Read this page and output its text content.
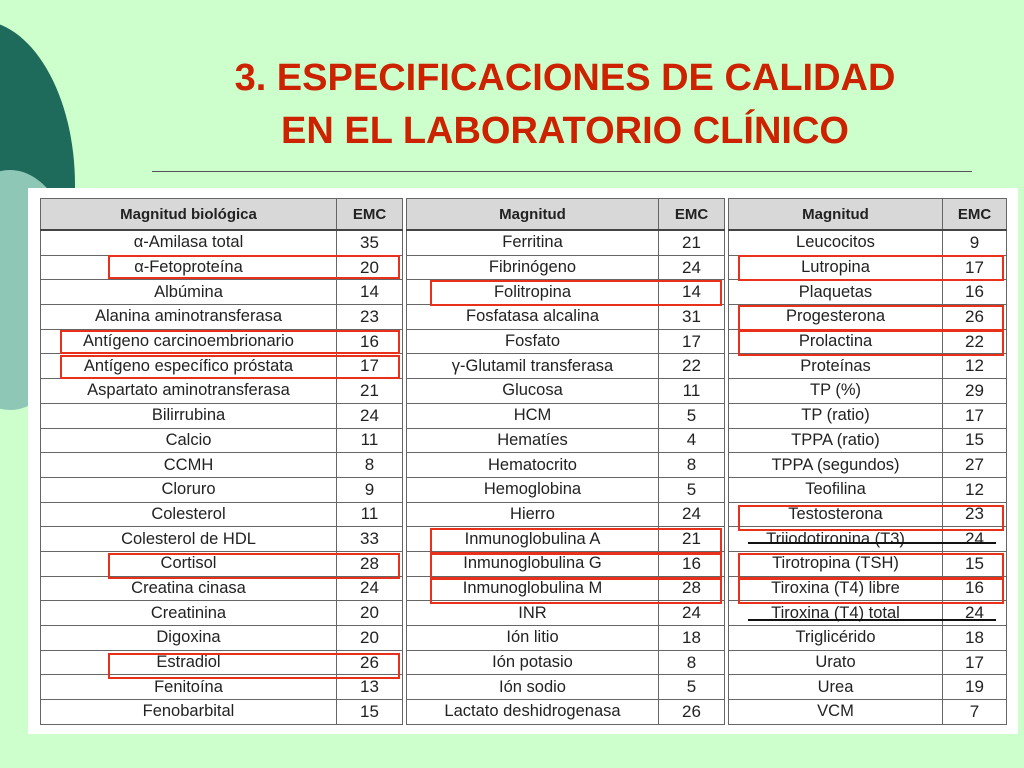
3. ESPECIFICACIONES DE CALIDAD
EN EL LABORATORIO CLÍNICO
Magnitud biológica	EMC
α-Amilasa total	35
α-Fetoproteína	20
Albúmina	14
Alanina aminotransferasa	23
Antígeno carcinoembrionario	16
Antígeno específico próstata	17
Aspartato aminotransferasa	21
Bilirrubina	24
Calcio	11
CCMH	8
Cloruro	9
Colesterol	11
Colesterol de HDL	33
Cortisol	28
Creatina cinasa	24
Creatinina	20
Digoxina	20
Estradiol	26
Fenitoína	13
Fenobarbital	15
Magnitud	EMC
Ferritina	21
Fibrinógeno	24
Folitropina	14
Fosfatasa alcalina	31
Fosfato	17
γ-Glutamil transferasa	22
Glucosa	11
HCM	5
Hematíes	4
Hematocrito	8
Hemoglobina	5
Hierro	24
Inmunoglobulina A	21
Inmunoglobulina G	16
Inmunoglobulina M	28
INR	24
Ión litio	18
Ión potasio	8
Ión sodio	5
Lactato deshidrogenasa	26
Magnitud	EMC
Leucocitos	9
Lutropina	17
Plaquetas	16
Progesterona	26
Prolactina	22
Proteínas	12
TP (%)	29
TP (ratio)	17
TPPA (ratio)	15
TPPA (segundos)	27
Teofilina	12
Testosterona	23
Triiodotironina (T3)	24
Tirotropina (TSH)	15
Tiroxina (T4) libre	16
Tiroxina (T4) total	24
Triglicérido	18
Urato	17
Urea	19
VCM	7
